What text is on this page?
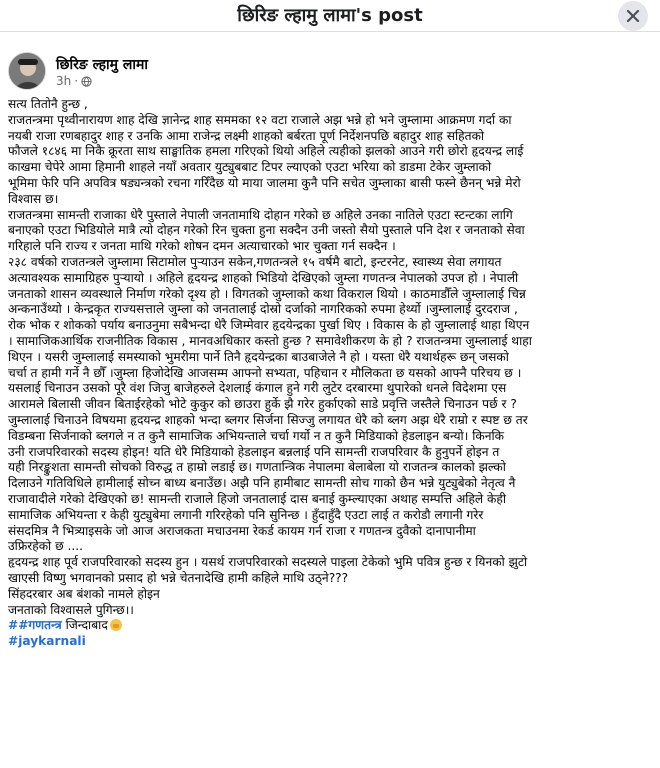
छिरिङ ल्हामु लामा's post
छिरिङ ल्हामु लामा
3h ·
सत्य तितोनै हुन्छ ,
राजतन्त्रमा पृथ्वीनारायण शाह देखि ज्ञानेन्द्र शाह सममका १२ वटा राजाले अझ भन्ने हो भने जुम्लामा आक्रमण गर्दा का
नयबी राजा रणबहादुर शाह र उनकि आमा राजेन्द्र लक्ष्मी शाहको बर्बरता पूर्ण निर्देशनपछि बहादुर शाह सहितको
फौजले १८४६ मा निकै क्रूरता साथ साङ्घातिक हमला गरिएको थियो अहिले त्यहीको झलको आउने गरी छोरो हृदयन्द्र लाई
काखमा चेपेरे आमा हिमानी शाहले नयाँ अवतार युट्युबबाट टिपर ल्याएको एउटा भरिया को डाडमा टेकेर जुम्लाको
भूमिमा फेरि पनि अपवित्र षड्यन्त्रको रचना गरिँदैछ यो माया जालमा कुनै पनि सचेत जुम्लाका बासी फस्ने छैनन् भन्ने मेरो
विश्वास छ।
राजतन्त्रमा सामन्ती राजाका धेरै पुस्ताले नेपाली जनतामाथि दोहान गरेको छ अहिले उनका नातिले एउटा स्टन्टका लागि
बनाएको एउटा भिडियोले मात्रै त्यो दोहन गरेको रिन चुक्ता हुना सक्दैन उनी जस्तो सैयो पुस्ताले पनि देश र जनताको सेवा
गरिहाले पनि राज्य र जनता माथि गरेको शोषन दमन अत्याचारको भार चुक्ता गर्न सक्दैन ।
२३८ वर्षको राजतन्त्रले जुम्लामा सिटामोल पुर्‍याउन सकेन,गणतन्त्रले १५ वर्षमै बाटो, इन्टरनेट, स्वास्थ्य सेवा लगायत
अत्यावश्यक सामाग्रिहरु पुर्‍यायो । अहिले हृदयन्द्र शाहको भिडियो देखिएको जुम्ला गणतन्त्र नेपालको उपज हो । नेपाली
जनताको शासन व्यवस्थाले निर्माण गरेको दृश्य हो । विगतको जुम्लाको कथा विकराल थियो । काठमाडौँले जुम्लालाई चिन्न
अन्कनाउँथ्यो । केन्द्रकृत राज्यसत्ताले जुम्ला को जनतालाई दोस्रो दर्जाको नागरिकको रुपमा हेर्थ्यो ।जुम्लालाई दुरदराज ,
रोक भोक र शोकको पर्याय बनाउनुमा सबैभन्दा धेरै जिम्मेवार हृदयेन्द्रका पुर्खा थिए । विकास के हो जुम्लालाई थाहा थिएन
। सामाजिकआर्थिक राजनीतिक विकास , मानवअधिकार कस्तो हुन्छ ? समावेशीकरण के हो ? राजतन्त्रमा जुम्लालाई थाहा
थिएन । यसरी जुम्लालाई समस्याको भुमरीमा पार्ने तिनै हृदयेन्द्रका बाउबाजेले नै हो । यस्ता धेरै यथार्थहरू छन् जसको
चर्चा त हामी गर्ने नै छौँ ।जुम्ला हिजोदेखि आजसम्म आफ्नो सभ्यता, पहिचान र मौलिकता छ यसको आफ्नै परिचय छ ।
यसलाई चिनाउन उसको पूरै वंश जिजु बाजेहरुले देशलाई कंगाल हुने गरी लुटेर दरबारमा थुपारेको धनले विदेशमा एस
आरामले बिलासी जीवन बिताईरहेको भोटे कुकुर को छाउरा हुर्के झै गरेर हुर्काएको साडे प्रवृत्ति जस्तैले चिनाउन पर्छ र ?
जुम्लालाई चिनाउने विषयमा हृदयन्द्र शाहको भन्दा ब्लगर सिर्जना सिज्जु लगायत धेरै को ब्लग अझ धेरै राम्रो र स्पष्ट छ तर
विडम्बना सिर्जनाको ब्लगले न त कुनै सामाजिक अभियन्ताले चर्चा गर्यो न त कुनै मिडियाको हेडलाइन बन्यो। किनकि
उनी राजपरिवारको सदस्य होइन! यति धेरै मिडियाको हेडलाइन बन्नलाई पनि सामन्ती राजपरिवार कै हुनुपर्ने होइन त
यही निरङ्कुशता सामन्ती सोचको विरुद्ध त हाम्रो लडाई छ। गणतान्त्रिक नेपालमा बेलाबेला यो राजतन्त्र कालको झल्को
दिलाउने गतिविधिले हामीलाई सोच्न बाध्य बनाउँछ। अझै पनि हामीबाट सामन्ती सोच गाको छैन भन्ने युट्युबेको नेतृत्व नै
राजावादीले गरेको देखिएको छ! सामन्ती राजाले हिजो जनतालाई दास बनाई कुम्ल्याएका अथाह सम्पत्ति अहिले केही
सामाजिक अभियन्ता र केही युट्युबेमा लगानी गरिरहेको पनि सुनिन्छ । हुँदाहुँदै एउटा लाई त करोडौ लगानी गरेर
संसदमित्र नै भित्र्याइसके जो आज अराजकता मचाउनमा रेकर्ड कायम गर्न राजा र गणतन्त्र दुवैको दानापानीमा
उफ्रिरहेको छ ....
हृदयन्द्र शाह पूर्व राजपरिवारको सदस्य हुन । यसर्थ राजपरिवारको सदस्यले पाइला टेकेको भुमि पवित्र हुन्छ र यिनको झुटो
खाएसी विष्णु भगवानको प्रसाद हो भन्ने चेतनादेखि हामी कहिले माथि उठ्ने???
सिंहदरबार अब बंशको नामले होइन
जनताको विश्वासले पुगिन्छ।।
##गणतन्त्र जिन्दाबाद
#jaykarnali
